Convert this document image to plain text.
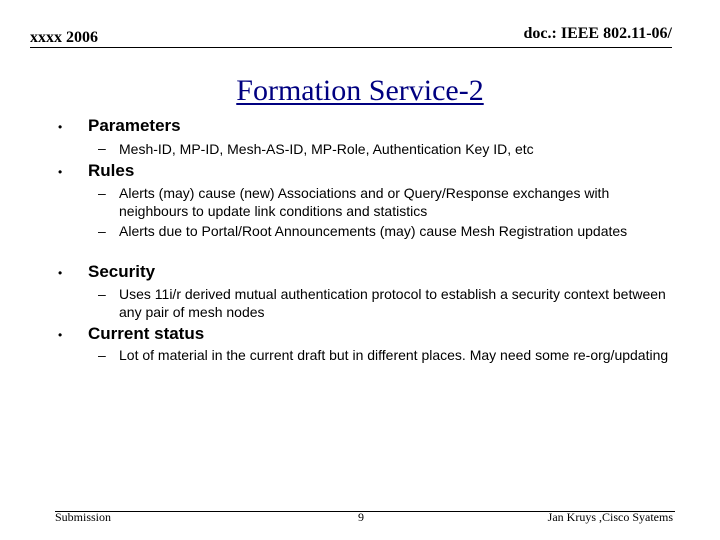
xxxx 2006	doc.: IEEE 802.11-06/
Formation Service-2
• Parameters
– Mesh-ID, MP-ID, Mesh-AS-ID, MP-Role, Authentication Key ID, etc
• Rules
– Alerts (may) cause (new) Associations and or Query/Response exchanges with neighbours to update link conditions and statistics
– Alerts due to Portal/Root Announcements (may) cause Mesh Registration updates
• Security
– Uses 11i/r derived mutual authentication protocol to establish a security context between any pair of mesh nodes
• Current status
– Lot of material in the current draft but in different places. May need some re-org/updating
Submission	9	Jan Kruys ,Cisco Syatems
